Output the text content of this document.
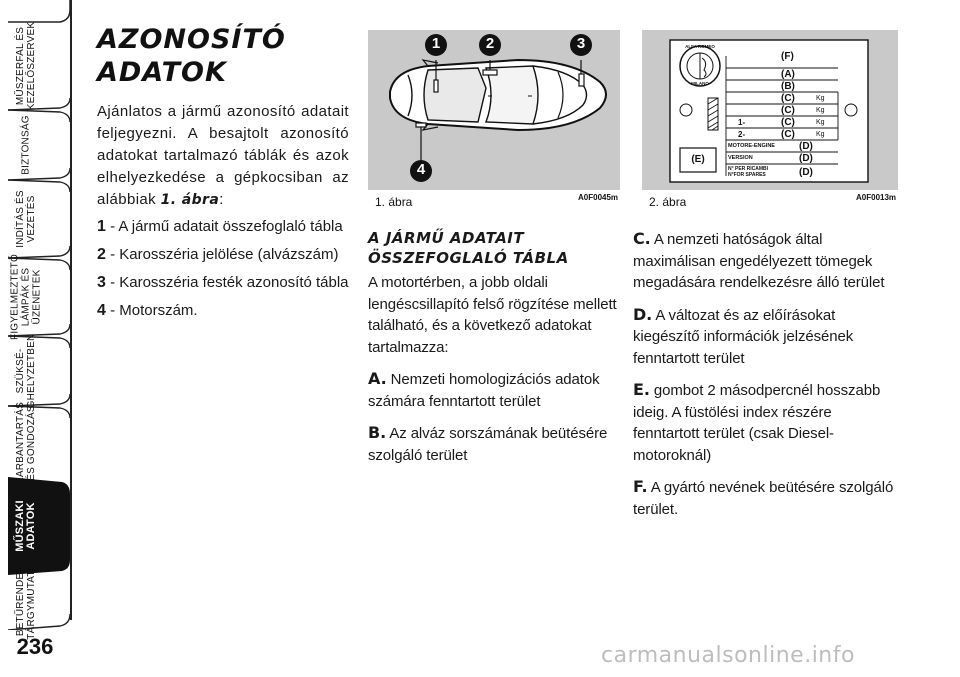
MŰSZERFAL ÉS
KEZELŐSZERVEK
BIZTONSÁG
INDÍTÁS ÉS
VEZETÉS
FIGYELMEZTETŐ
LÁMPÁK ÉS
ÜZENETEK
SZÜKSÉ-
GHELYZETBEN
KARBANTARTÁS
ÉS GONDOZÁS
MŰSZAKI
ADATOK
BETŰRENDES
TÁRGYMUTATÓ
236
AZONOSÍTÓ
ADATOK
Ajánlatos a jármű azonosító adatait feljegyezni. A besajtolt azonosító adatokat tartalmazó táblák és azok elhelyezkedése a gépkocsiban az alábbiak 1. ábra:
1 - A jármű adatait összefoglaló tábla
2 - Karosszéria jelölése (alvázszám)
3 - Karosszéria festék azonosító tábla
4 - Motorszám.
1	2	3
4
1. ábra	A0F0045m
(F)
(A)
(B)
(C)
(C)
(C)
(C)
Kg
Kg
Kg
Kg
1-
2-
(E)
MOTORE-ENGINE
VERSION
N° PER RICAMBI
N°FOR SPARES
(D)
(D)
(D)
ALFA ROMEO
MILANO
2. ábra	A0F0013m
A JÁRMŰ ADATAIT
ÖSSZEFOGLALÓ TÁBLA

A motortérben, a jobb oldali lengéscsillapító felső rögzítése mellett található, és a következő adatokat tartalmazza:

A. Nemzeti homologizációs adatok számára fenntartott terület

B. Az alváz sorszámának beütésére szolgáló terület

C. A nemzeti hatóságok által maximálisan engedélyezett tömegek megadására rendelkezésre álló terület

D. A változat és az előírásokat kiegészítő információk jelzésének fenntartott terület

E. gombot 2 másodpercnél hosszabb ideig. A füstölési index részére fenntartott terület (csak Diesel-motoroknál)

F. A gyártó nevének beütésére szolgáló terület.

carmanualsonline.info
